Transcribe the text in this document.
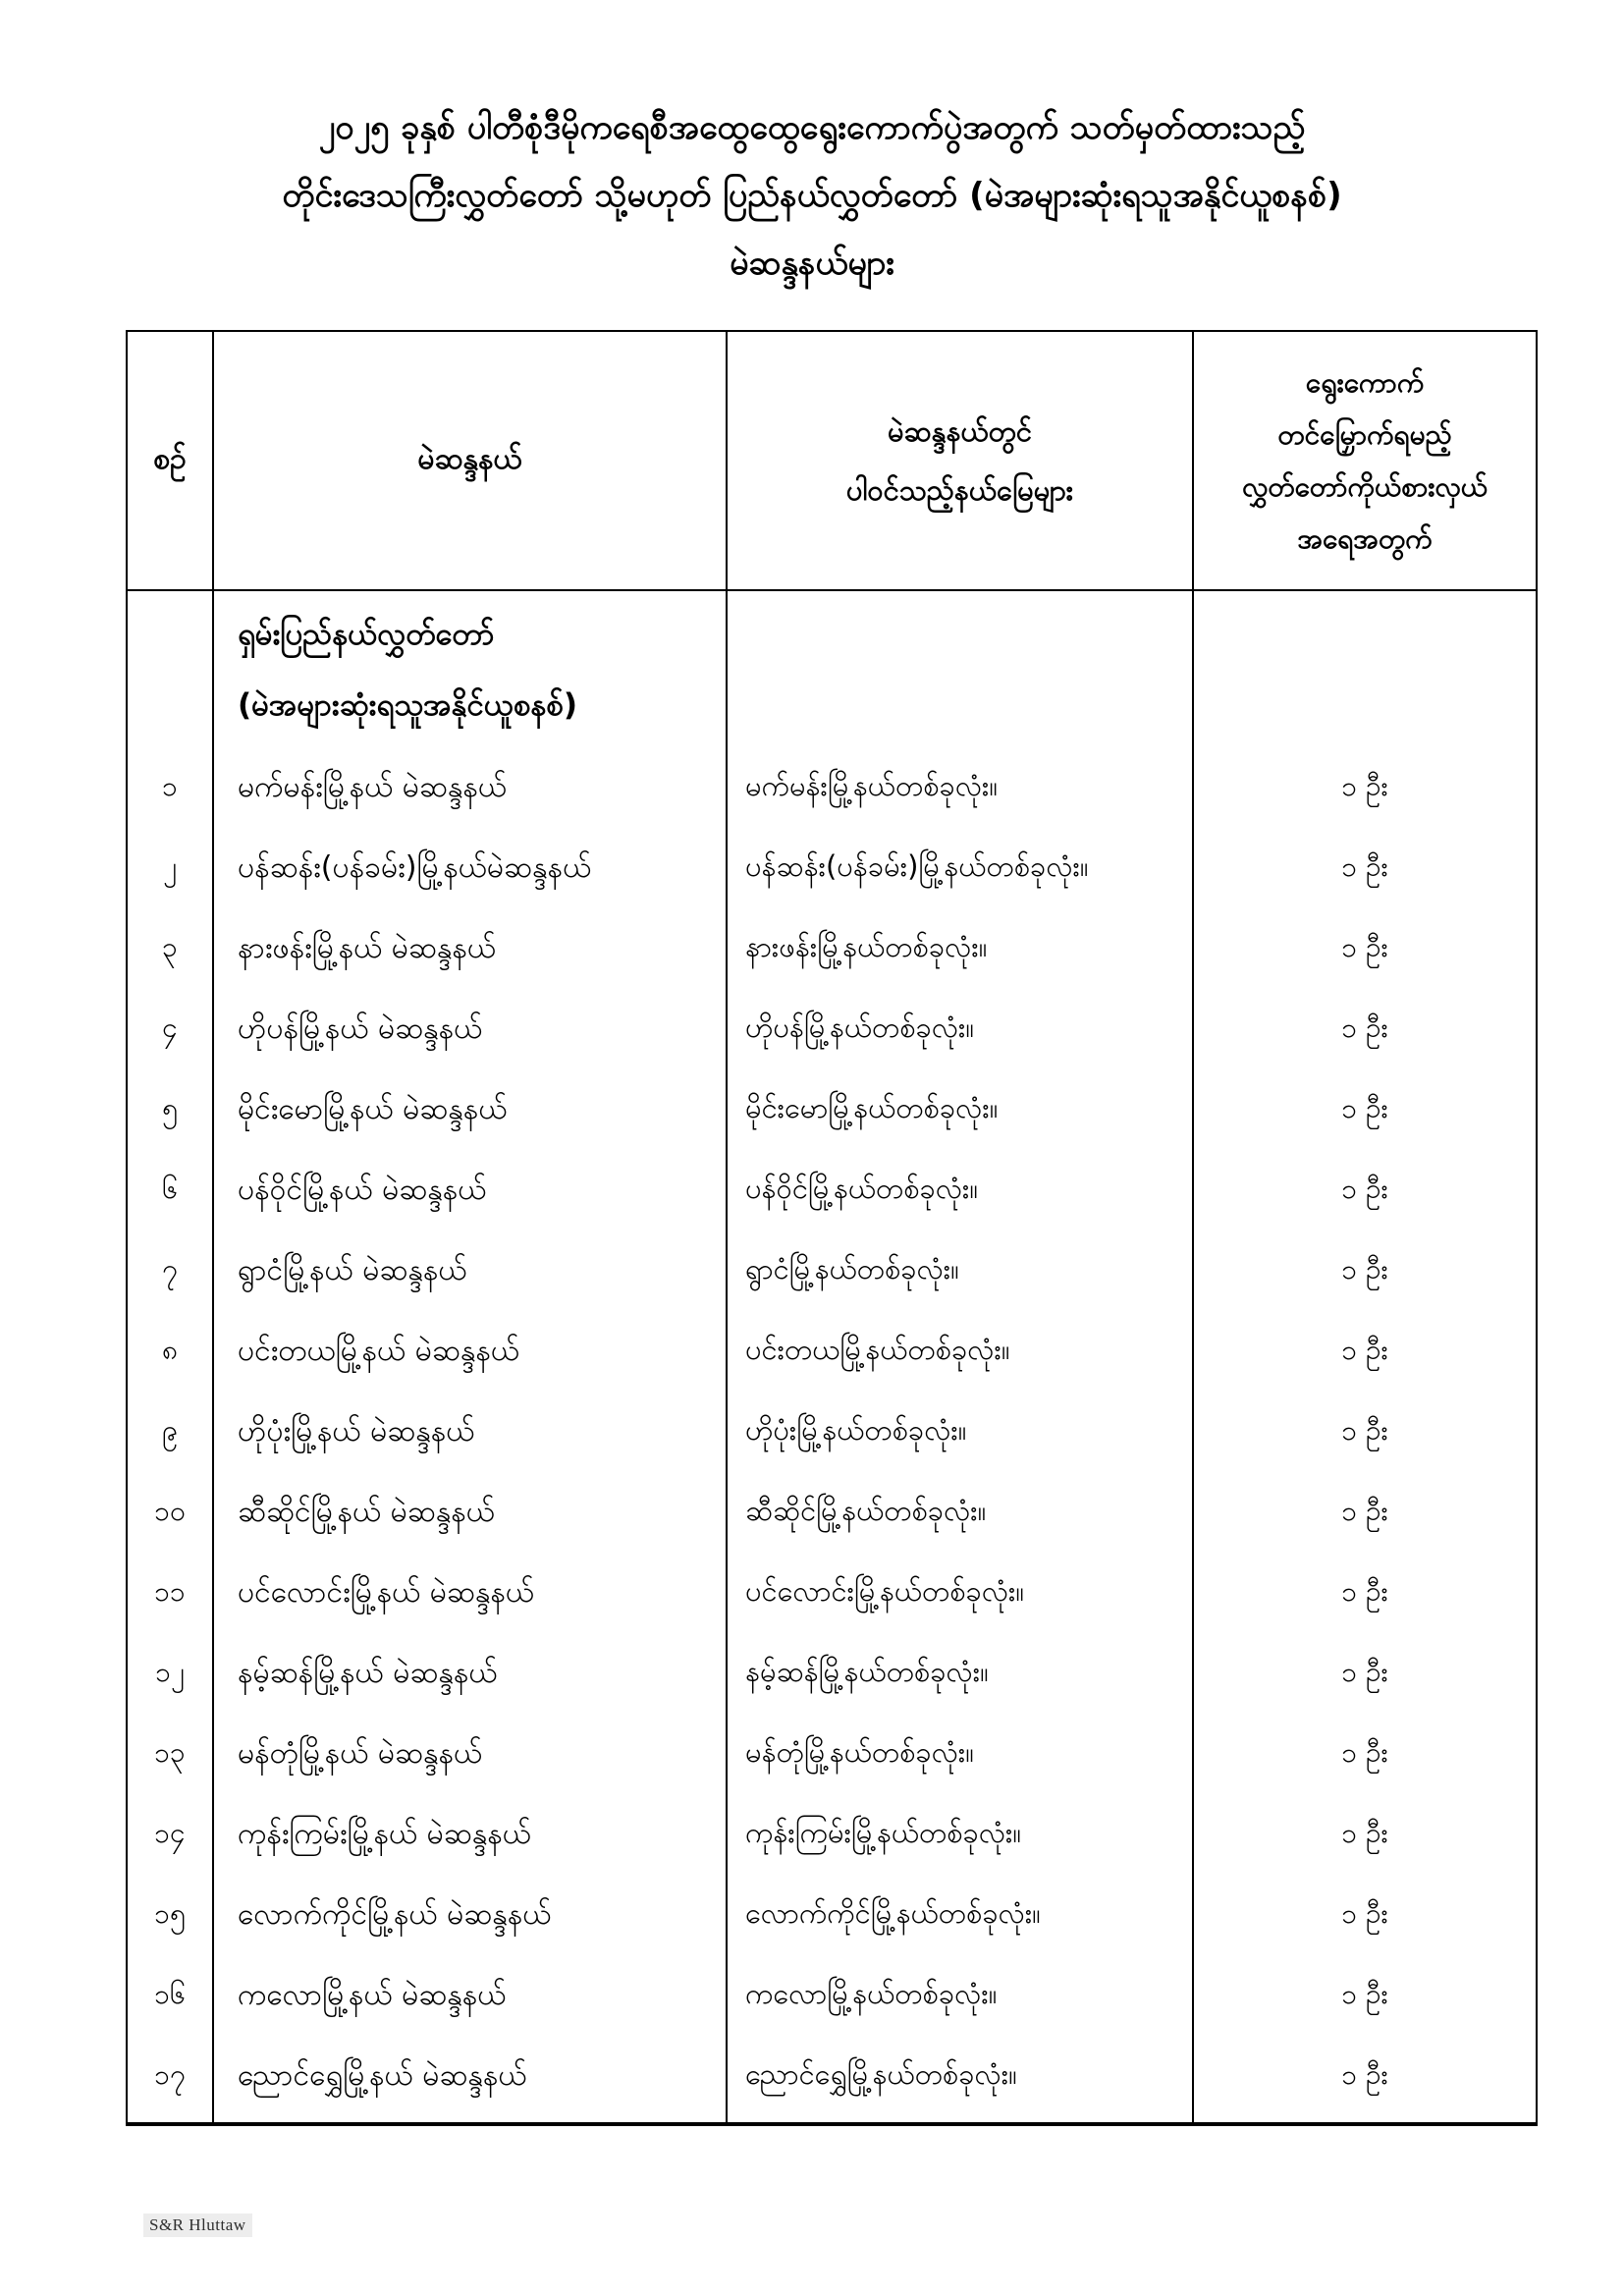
၂၀၂၅ ခုနှစ် ပါတီစုံဒီမိုကရေစီအထွေထွေရွေးကောက်ပွဲအတွက် သတ်မှတ်ထားသည့်
တိုင်းဒေသကြီးလွှတ်တော် သို့မဟုတ် ပြည်နယ်လွှတ်တော် (မဲအများဆုံးရသူအနိုင်ယူစနစ်)
မဲဆန္ဒနယ်များ
စဉ်	မဲဆန္ဒနယ်
မဲဆန္ဒနယ်တွင်
ပါဝင်သည့်နယ်မြေများ
ရွေးကောက်
တင်မြှောက်ရမည့်
လွှတ်တော်ကိုယ်စားလှယ်
အရေအတွက်
၁
၂
၃
၄
၅
၆
၇
၈
၉
၁၀
၁၁
၁၂
၁၃
၁၄
၁၅
၁၆
၁၇
ရှမ်းပြည်နယ်လွှတ်တော်
(မဲအများဆုံးရသူအနိုင်ယူစနစ်)
မက်မန်းမြို့နယ် မဲဆန္ဒနယ်
ပန်ဆန်း(ပန်ခမ်း)မြို့နယ်မဲဆန္ဒနယ်
နားဖန်းမြို့နယ် မဲဆန္ဒနယ်
ဟိုပန်မြို့နယ် မဲဆန္ဒနယ်
မိုင်းမောမြို့နယ် မဲဆန္ဒနယ်
ပန်ဝိုင်မြို့နယ် မဲဆန္ဒနယ်
ရွာငံမြို့နယ် မဲဆန္ဒနယ်
ပင်းတယမြို့နယ် မဲဆန္ဒနယ်
ဟိုပုံးမြို့နယ် မဲဆန္ဒနယ်
ဆီဆိုင်မြို့နယ် မဲဆန္ဒနယ်
ပင်လောင်းမြို့နယ် မဲဆန္ဒနယ်
နမ့်ဆန်မြို့နယ် မဲဆန္ဒနယ်
မန်တုံမြို့နယ် မဲဆန္ဒနယ်
ကုန်းကြမ်းမြို့နယ် မဲဆန္ဒနယ်
လောက်ကိုင်မြို့နယ် မဲဆန္ဒနယ်
ကလောမြို့နယ် မဲဆန္ဒနယ်
ညောင်ရွှေမြို့နယ် မဲဆန္ဒနယ်
မက်မန်းမြို့နယ်တစ်ခုလုံး။
ပန်ဆန်း(ပန်ခမ်း)မြို့နယ်တစ်ခုလုံး။
နားဖန်းမြို့နယ်တစ်ခုလုံး။
ဟိုပန်မြို့နယ်တစ်ခုလုံး။
မိုင်းမောမြို့နယ်တစ်ခုလုံး။
ပန်ဝိုင်မြို့နယ်တစ်ခုလုံး။
ရွာငံမြို့နယ်တစ်ခုလုံး။
ပင်းတယမြို့နယ်တစ်ခုလုံး။
ဟိုပုံးမြို့နယ်တစ်ခုလုံး။
ဆီဆိုင်မြို့နယ်တစ်ခုလုံး။
ပင်လောင်းမြို့နယ်တစ်ခုလုံး။
နမ့်ဆန်မြို့နယ်တစ်ခုလုံး။
မန်တုံမြို့နယ်တစ်ခုလုံး။
ကုန်းကြမ်းမြို့နယ်တစ်ခုလုံး။
လောက်ကိုင်မြို့နယ်တစ်ခုလုံး။
ကလောမြို့နယ်တစ်ခုလုံး။
ညောင်ရွှေမြို့နယ်တစ်ခုလုံး။
၁ ဦး
၁ ဦး
၁ ဦး
၁ ဦး
၁ ဦး
၁ ဦး
၁ ဦး
၁ ဦး
၁ ဦး
၁ ဦး
၁ ဦး
၁ ဦး
၁ ဦး
၁ ဦး
၁ ဦး
၁ ဦး
၁ ဦး
S&R Hluttaw
